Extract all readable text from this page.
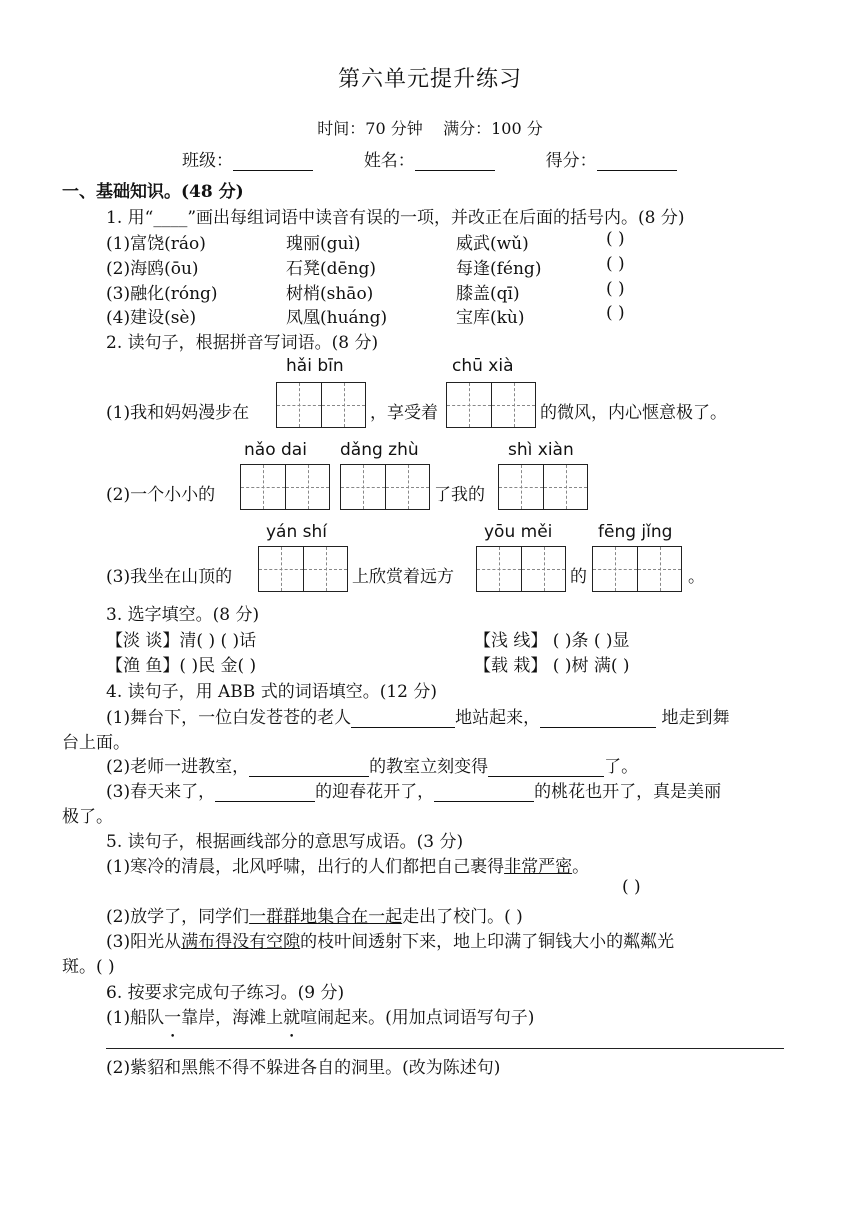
第六单元提升练习
时间：70 分钟 满分：100 分
班级：	姓名：	得分：
一、基础知识。(48 分)
1. 用“____”画出每组词语中读音有误的一项，并改正在后面的括号内。(8 分)
(1)富饶(ráo)	瑰丽(guì)	威武(wǔ)	( )
(2)海鸥(ōu)	石凳(dēng)	每逢(féng)	( )
(3)融化(róng)	树梢(shāo)	膝盖(qī)	( )
(4)建设(sè)	凤凰(huáng)	宝库(kù)	( )
2. 读句子，根据拼音写词语。(8 分)
hǎi bīn	chū xià
(1)我和妈妈漫步在	，享受着	的微风，内心惬意极了。
nǎo dai dǎng zhù	shì xiàn
(2)一个小小的	了我的
yán shí	yōu měi	fēng jǐng
(3)我坐在山顶的	上欣赏着远方	的	。
3. 选字填空。(8 分)
【淡 谈】清( ) ( )话	【浅 线】 ( )条 ( )显
【渔 鱼】( )民 金( )	【载 栽】 ( )树 满( )
4. 读句子，用 ABB 式的词语填空。(12 分)
(1)舞台下，一位白发苍苍的老人	地站起来，	地走到舞
台上面。
(2)老师一进教室，	的教室立刻变得	了。
(3)春天来了，	的迎春花开了，	的桃花也开了，真是美丽
极了。
5. 读句子，根据画线部分的意思写成语。(3 分)
(1)寒冷的清晨，北风呼啸，出行的人们都把自己裹得非常严密。
( )
(2)放学了，同学们一群群地集合在一起走出了校门。( )
(3)阳光从满布得没有空隙的枝叶间透射下来，地上印满了铜钱大小的粼粼光
斑。( )
6. 按要求完成句子练习。(9 分)
(1)船队一靠岸，海滩上就喧闹起来。(用加点词语写句子)
(2)紫貂和黑熊不得不躲进各自的洞里。(改为陈述句)
